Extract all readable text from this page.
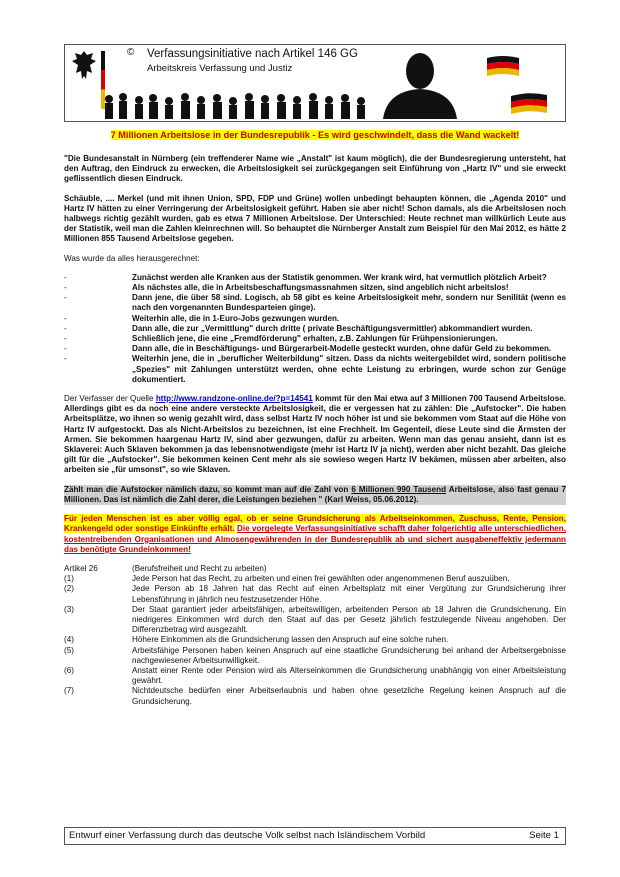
© Verfassungsinitiative nach Artikel 146 GG
Arbeitskreis Verfassung und Justiz
7 Millionen Arbeitslose in der Bundesrepublik - Es wird geschwindelt, dass die Wand wackelt!

"Die Bundesanstalt in Nürnberg (ein treffenderer Name wie „Anstalt" ist kaum möglich), die der Bundesregierung untersteht, hat den Auftrag, den Eindruck zu erwecken, die Arbeitslosigkeit sei zurückgegangen seit Einführung von „Hartz IV" und sie erweckt geflissentlich diesen Eindruck.

Schäuble, .... Merkel (und mit ihnen Union, SPD, FDP und Grüne) wollen unbedingt behaupten können, die „Agenda 2010" und Hartz IV hätten zu einer Verringerung der Arbeitslosigkeit geführt. Haben sie aber nicht! Schon damals, als die Arbeitslosen noch halbwegs richtig gezählt wurden, gab es etwa 7 Millionen Arbeitslose. Der Unterschied: Heute rechnet man willkürlich Leute aus der Statistik, weil man die Zahlen kleinrechnen will. So behauptet die Nürnberger Anstalt zum Beispiel für den Mai 2012, es hätte 2 Millionen 855 Tausend Arbeitslose gegeben.

Was wurde da alles herausgerechnet:

-	Zunächst werden alle Kranken aus der Statistik genommen. Wer krank wird, hat vermutlich plötzlich Arbeit?
-	Als nächstes alle, die in Arbeitsbeschaffungsmassnahmen sitzen, sind angeblich nicht arbeitslos!
-	Dann jene, die über 58 sind. Logisch, ab 58 gibt es keine Arbeitslosigkeit mehr, sondern nur Senilität (wenn es nach den vorgenannten Bundesparteien ginge).
-	Weiterhin alle, die in 1-Euro-Jobs gezwungen wurden.
-	Dann alle, die zur „Vermittlung" durch dritte ( private Beschäftigungsvermittler) abkommandiert wurden.
-	Schließlich jene, die eine „Fremdförderung" erhalten, z.B. Zahlungen für Frühpensionierungen.
-	Dann alle, die in Beschäftigungs- und Bürgerarbeit-Modelle gesteckt wurden, ohne dafür Geld zu bekommen.
-	Weiterhin jene, die in „beruflicher Weiterbildung" sitzen. Dass da nichts weitergebildet wird, sondern politische „Spezies" mit Zahlungen unterstützt werden, ohne echte Leistung zu erbringen, wurde schon zur Genüge dokumentiert.

Der Verfasser der Quelle http://www.randzone-online.de/?p=14541 kommt für den Mai etwa auf 3 Millionen 700 Tausend Arbeitslose. Allerdings gibt es da noch eine andere versteckte Arbeitslosigkeit, die er vergessen hat zu zählen: Die „Aufstocker". Die haben Arbeitsplätze, wo ihnen so wenig gezahlt wird, dass selbst Hartz IV noch höher ist und sie bekommen vom Staat auf die Höhe von Hartz IV aufgestockt. Das als Nicht-Arbeitslos zu bezeichnen, ist eine Frechheit. Im Gegenteil, diese Leute sind die Ärmsten der Armen. Sie bekommen haargenau Hartz IV, sind aber gezwungen, dafür zu arbeiten. Wenn man das genau ansieht, dann ist es Sklaverei: Auch Sklaven bekommen ja das lebensnotwendigste (mehr ist Hartz IV ja nicht), werden aber nicht bezahlt. Das gleiche gilt für die „Aufstocker". Sie bekommen keinen Cent mehr als sie sowieso wegen Hartz IV bekämen, müssen aber arbeiten, also arbeiten sie „für umsonst", so wie Sklaven.

Zählt man die Aufstocker nämlich dazu, so kommt man auf die Zahl von 6 Millionen 990 Tausend Arbeitslose, also fast genau 7 Millionen. Das ist nämlich die Zahl derer, die Leistungen beziehen " (Karl Weiss, 05.06.2012).

Für jeden Menschen ist es aber völlig egal, ob er seine Grundsicherung als Arbeitseinkommen, Zuschuss, Rente, Pension, Krankengeld oder sonstige Einkünfte erhält. Die vorgelegte Verfassungsinitiative schafft daher folgerichtig alle unterschiedlichen, kostentreibenden Organisationen und Almosengewährenden in der Bundesrepublik ab und sichert ausgabeneffektiv jedermann das benötigte Grundeinkommen!

Artikel 26	(Berufsfreiheit und Recht zu arbeiten)
(1)	Jede Person hat das Recht, zu arbeiten und einen frei gewählten oder angenommenen Beruf auszuüben.
(2)	Jede Person ab 18 Jahren hat das Recht auf einen Arbeitsplatz mit einer Vergütung zur Grundsicherung ihrer Lebensführung in jährlich neu festzusetzender Höhe.
(3)	Der Staat garantiert jeder arbeitsfähigen, arbeitswilligen, arbeitenden Person ab 18 Jahren die Grundsicherung. Ein niedrigeres Einkommen wird durch den Staat auf das per Gesetz jährlich festzulegende Niveau angehoben. Der Differenzbetrag wird ausgezahlt.
(4)	Höhere Einkommen als die Grundsicherung lassen den Anspruch auf eine solche ruhen.
(5)	Arbeitsfähige Personen haben keinen Anspruch auf eine staatliche Grundsicherung bei anhand der Arbeitsergebnisse nachgewiesener Arbeitsunwilligkeit.
(6)	Anstatt einer Rente oder Pension wird als Alterseinkommen die Grundsicherung unabhängig von einer Arbeitsleistung gewährt.
(7)	Nichtdeutsche bedürfen einer Arbeitserlaubnis und haben ohne gesetzliche Regelung keinen Anspruch auf die Grundsicherung.
Entwurf einer Verfassung durch das deutsche Volk selbst nach Isländischem Vorbild	Seite 1
